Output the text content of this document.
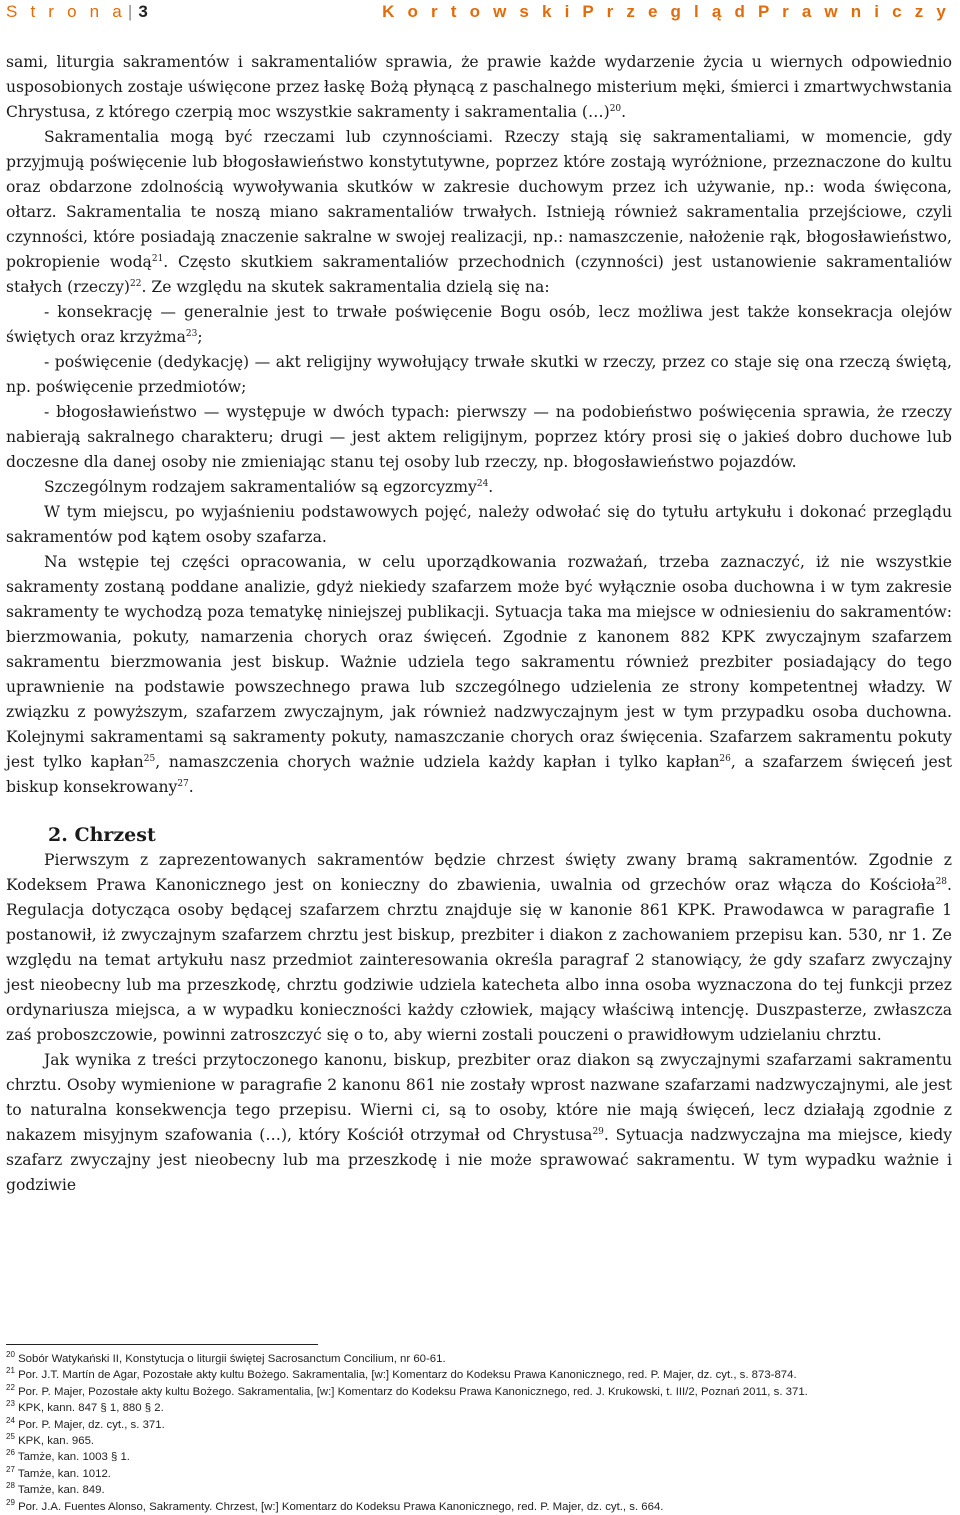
S t r o n a | 3	K o r t o w s k i P r z e g l ą d P r a w n i c z y

sami, liturgia sakramentów i sakramentaliów sprawia, że prawie każde wydarzenie życia u wiernych odpowiednio usposobionych zostaje uświęcone przez łaskę Bożą płynącą z paschalnego misterium męki, śmierci i zmartwychwstania Chrystusa, z którego czerpią moc wszystkie sakramenty i sakramentalia (…)$^{20}$.

Sakramentalia mogą być rzeczami lub czynnościami. Rzeczy stają się sakramentaliami, w momencie, gdy przyjmują poświęcenie lub błogosławieństwo konstytutywne, poprzez które zostają wyróżnione, przeznaczone do kultu oraz obdarzone zdolnością wywoływania skutków w zakresie duchowym przez ich używanie, np.: woda święcona, ołtarz. Sakramentalia te noszą miano sakramentaliów trwałych. Istnieją również sakramentalia przejściowe, czyli czynności, które posiadają znaczenie sakralne w swojej realizacji, np.: namaszczenie, nałożenie rąk, błogosławieństwo, pokropienie wodą$^{21}$. Często skutkiem sakramentaliów przechodnich (czynności) jest ustanowienie sakramentaliów stałych (rzeczy)$^{22}$. Ze względu na skutek sakramentalia dzielą się na:

- konsekrację — generalnie jest to trwałe poświęcenie Bogu osób, lecz możliwa jest także konsekracja olejów świętych oraz krzyżma$^{23}$;

- poświęcenie (dedykację) — akt religijny wywołujący trwałe skutki w rzeczy, przez co staje się ona rzeczą świętą, np. poświęcenie przedmiotów;

- błogosławieństwo — występuje w dwóch typach: pierwszy — na podobieństwo poświęcenia sprawia, że rzeczy nabierają sakralnego charakteru; drugi — jest aktem religijnym, poprzez który prosi się o jakieś dobro duchowe lub doczesne dla danej osoby nie zmieniając stanu tej osoby lub rzeczy, np. błogosławieństwo pojazdów.

Szczególnym rodzajem sakramentaliów są egzorcyzmy$^{24}$.

W tym miejscu, po wyjaśnieniu podstawowych pojęć, należy odwołać się do tytułu artykułu i dokonać przeglądu sakramentów pod kątem osoby szafarza.

Na wstępie tej części opracowania, w celu uporządkowania rozważań, trzeba zaznaczyć, iż nie wszystkie sakramenty zostaną poddane analizie, gdyż niekiedy szafarzem może być wyłącznie osoba duchowna i w tym zakresie sakramenty te wychodzą poza tematykę niniejszej publikacji. Sytuacja taka ma miejsce w odniesieniu do sakramentów: bierzmowania, pokuty, namarzenia chorych oraz święceń. Zgodnie z kanonem 882 KPK zwyczajnym szafarzem sakramentu bierzmowania jest biskup. Ważnie udziela tego sakramentu również prezbiter posiadający do tego uprawnienie na podstawie powszechnego prawa lub szczególnego udzielenia ze strony kompetentnej władzy. W związku z powyższym, szafarzem zwyczajnym, jak również nadzwyczajnym jest w tym przypadku osoba duchowna. Kolejnymi sakramentami są sakramenty pokuty, namaszczanie chorych oraz święcenia. Szafarzem sakramentu pokuty jest tylko kapłan$^{25}$, namaszczenia chorych ważnie udziela każdy kapłan i tylko kapłan$^{26}$, a szafarzem święceń jest biskup konsekrowany$^{27}$.

2. Chrzest

Pierwszym z zaprezentowanych sakramentów będzie chrzest święty zwany bramą sakramentów. Zgodnie z Kodeksem Prawa Kanonicznego jest on konieczny do zbawienia, uwalnia od grzechów oraz włącza do Kościoła$^{28}$. Regulacja dotycząca osoby będącej szafarzem chrztu znajduje się w kanonie 861 KPK. Prawodawca w paragrafie 1 postanowił, iż zwyczajnym szafarzem chrztu jest biskup, prezbiter i diakon z zachowaniem przepisu kan. 530, nr 1. Ze względu na temat artykułu nasz przedmiot zainteresowania określa paragraf 2 stanowiący, że gdy szafarz zwyczajny jest nieobecny lub ma przeszkodę, chrztu godziwie udziela katecheta albo inna osoba wyznaczona do tej funkcji przez ordynariusza miejsca, a w wypadku konieczności każdy człowiek, mający właściwą intencję. Duszpasterze, zwłaszcza zaś proboszczowie, powinni zatroszczyć się o to, aby wierni zostali pouczeni o prawidłowym udzielaniu chrztu.

Jak wynika z treści przytoczonego kanonu, biskup, prezbiter oraz diakon są zwyczajnymi szafarzami sakramentu chrztu. Osoby wymienione w paragrafie 2 kanonu 861 nie zostały wprost nazwane szafarzami nadzwyczajnymi, ale jest to naturalna konsekwencja tego przepisu. Wierni ci, są to osoby, które nie mają święceń, lecz działają zgodnie z nakazem misyjnym szafowania (…), który Kościół otrzymał od Chrystusa$^{29}$. Sytuacja nadzwyczajna ma miejsce, kiedy szafarz zwyczajny jest nieobecny lub ma przeszkodę i nie może sprawować sakramentu. W tym wypadku ważnie i godziwie

$^{20}$ Sobór Watykański II, Konstytucja o liturgii świętej Sacrosanctum Concilium, nr 60-61.

$^{21}$ Por. J.T. Martín de Agar, Pozostałe akty kultu Bożego. Sakramentalia, [w:] Komentarz do Kodeksu Prawa Kanonicznego, red. P. Majer, dz. cyt., s. 873-874.

$^{22}$ Por. P. Majer, Pozostałe akty kultu Bożego. Sakramentalia, [w:] Komentarz do Kodeksu Prawa Kanonicznego, red. J. Krukowski, t. III/2, Poznań 2011, s. 371.

$^{23}$ KPK, kann. 847 § 1, 880 § 2.

$^{24}$ Por. P. Majer, dz. cyt., s. 371.

$^{25}$ KPK, kan. 965.

$^{26}$ Tamże, kan. 1003 § 1.

$^{27}$ Tamże, kan. 1012.

$^{28}$ Tamże, kan. 849.

$^{29}$ Por. J.A. Fuentes Alonso, Sakramenty. Chrzest, [w:] Komentarz do Kodeksu Prawa Kanonicznego, red. P. Majer, dz. cyt., s. 664.
